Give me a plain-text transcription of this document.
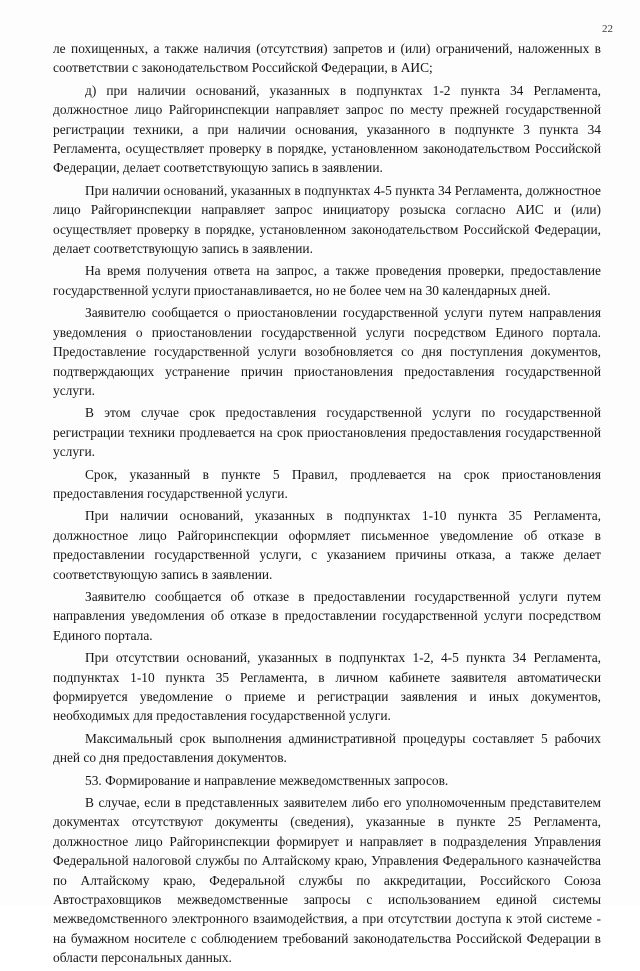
22

ле похищенных, а также наличия (отсутствия) запретов и (или) ограничений, наложенных в соответствии с законодательством Российской Федерации, в АИС;

д) при наличии оснований, указанных в подпунктах 1-2 пункта 34 Регламента, должностное лицо Райгоринспекции направляет запрос по месту прежней государственной регистрации техники, а при наличии основания, указанного в подпункте 3 пункта 34 Регламента, осуществляет проверку в порядке, установленном законодательством Российской Федерации, делает соответствующую запись в заявлении.

При наличии оснований, указанных в подпунктах 4-5 пункта 34 Регламента, должностное лицо Райгоринспекции направляет запрос инициатору розыска согласно АИС и (или) осуществляет проверку в порядке, установленном законодательством Российской Федерации, делает соответствующую запись в заявлении.

На время получения ответа на запрос, а также проведения проверки, предоставление государственной услуги приостанавливается, но не более чем на 30 календарных дней.

Заявителю сообщается о приостановлении государственной услуги путем направления уведомления о приостановлении государственной услуги посредством Единого портала. Предоставление государственной услуги возобновляется со дня поступления документов, подтверждающих устранение причин приостановления предоставления государственной услуги.

В этом случае срок предоставления государственной услуги по государственной регистрации техники продлевается на срок приостановления предоставления государственной услуги.

Срок, указанный в пункте 5 Правил, продлевается на срок приостановления предоставления государственной услуги.

При наличии оснований, указанных в подпунктах 1-10 пункта 35 Регламента, должностное лицо Райгоринспекции оформляет письменное уведомление об отказе в предоставлении государственной услуги, с указанием причины отказа, а также делает соответствующую запись в заявлении.

Заявителю сообщается об отказе в предоставлении государственной услуги путем направления уведомления об отказе в предоставлении государственной услуги посредством Единого портала.

При отсутствии оснований, указанных в подпунктах 1-2, 4-5 пункта 34 Регламента, подпунктах 1-10 пункта 35 Регламента, в личном кабинете заявителя автоматически формируется уведомление о приеме и регистрации заявления и иных документов, необходимых для предоставления государственной услуги.

Максимальный срок выполнения административной процедуры составляет 5 рабочих дней со дня предоставления документов.

53. Формирование и направление межведомственных запросов.

В случае, если в представленных заявителем либо его уполномоченным представителем документах отсутствуют документы (сведения), указанные в пункте 25 Регламента, должностное лицо Райгоринспекции формирует и направляет в подразделения Управления Федеральной налоговой службы по Алтайскому краю, Управления Федерального казначейства по Алтайскому краю, Федеральной службы по аккредитации, Российского Союза Автостраховщиков межведомственные запросы с использованием единой системы межведомственного электронного взаимодействия, а при отсутствии доступа к этой системе - на бумажном носителе с соблюдением требований законодательства Российской Федерации в области персональных данных.
